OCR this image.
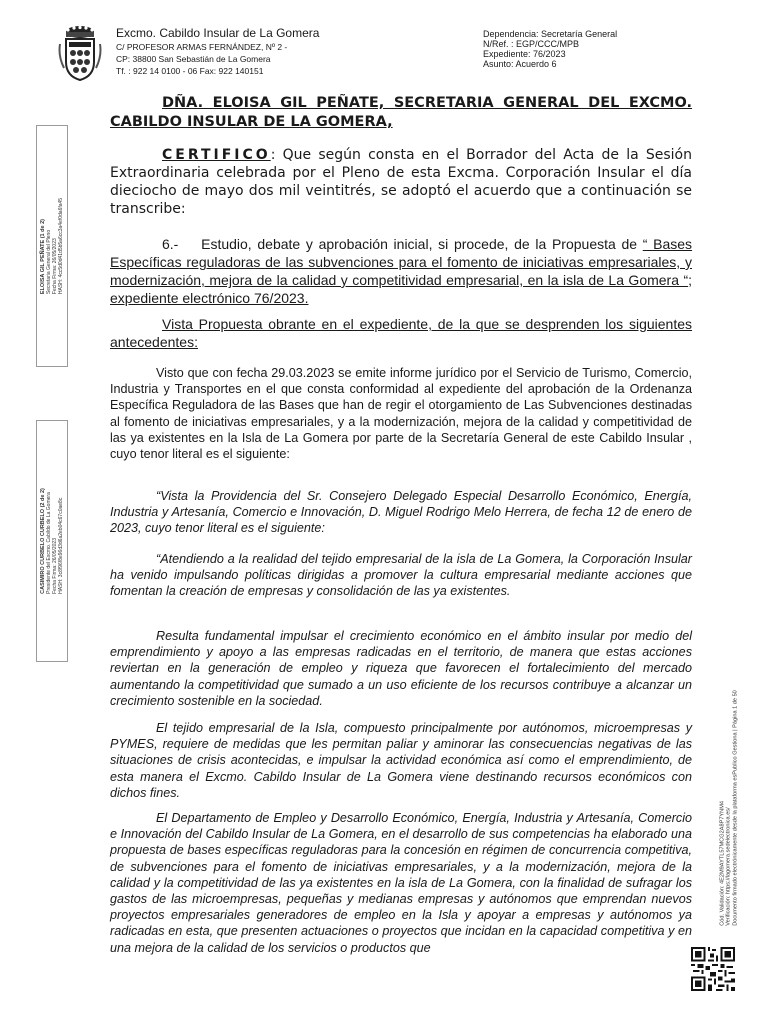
Excmo. Cabildo Insular de La Gomera
C/ PROFESOR ARMAS FERNÁNDEZ, Nº 2 -
CP: 38800 San Sebastián de La Gomera
Tf. : 922 14 0100 - 06 Fax: 922 140151
Dependencia: Secretaría General
N/Ref. : EGP/CCC/MPB
Expediente: 76/2023
Asunto: Acuerdo 6
DÑA. ELOISA GIL PEÑATE, SECRETARIA GENERAL DEL EXCMO.
CABILDO INSULAR DE LA GOMERA,
CERTIFICO: Que según consta en el Borrador del Acta de la Sesión Extraordinaria celebrada por el Pleno de esta Excma. Corporación Insular el día dieciocho de mayo dos mil veintitrés, se adoptó el acuerdo que a continuación se transcribe:
6.- Estudio, debate y aprobación inicial, si procede, de la Propuesta de “ Bases Específicas reguladoras de las subvenciones para el fomento de iniciativas empresariales, y modernización, mejora de la calidad y competitividad empresarial, en la isla de La Gomera “; expediente electrónico 76/2023.
Vista Propuesta obrante en el expediente, de la que se desprenden los siguientes antecedentes:
Visto que con fecha 29.03.2023 se emite informe jurídico por el Servicio de Turismo, Comercio, Industria y Transportes en el que consta conformidad al expediente del aprobación de la Ordenanza Específica Reguladora de las Bases que han de regir el otorgamiento de Las Subvenciones destinadas al fomento de iniciativas empresariales, y a la modernización, mejora de la calidad y competitividad de las ya existentes en la Isla de La Gomera por parte de la Secretaría General de este Cabildo Insular , cuyo tenor literal es el siguiente:
“Vista la Providencia del Sr. Consejero Delegado Especial Desarrollo Económico, Energía, Industria y Artesanía, Comercio e Innovación, D. Miguel Rodrigo Melo Herrera, de fecha 12 de enero de 2023, cuyo tenor literal es el siguiente:
“Atendiendo a la realidad del tejido empresarial de la isla de La Gomera, la Corporación Insular ha venido impulsando políticas dirigidas a promover la cultura empresarial mediante acciones que fomentan la creación de empresas y consolidación de las ya existentes.
Resulta fundamental impulsar el crecimiento económico en el ámbito insular por medio del emprendimiento y apoyo a las empresas radicadas en el territorio, de manera que estas acciones reviertan en la generación de empleo y riqueza que favorecen el fortalecimiento del mercado aumentando la competitividad que sumado a un uso eficiente de los recursos contribuye a alcanzar un crecimiento sostenible en la sociedad.
El tejido empresarial de la Isla, compuesto principalmente por autónomos, microempresas y PYMES, requiere de medidas que les permitan paliar y aminorar las consecuencias negativas de las situaciones de crisis acontecidas, e impulsar la actividad económica así como el emprendimiento, de esta manera el Excmo. Cabildo Insular de La Gomera viene destinando recursos económicos con dichos fines.
El Departamento de Empleo y Desarrollo Económico, Energía, Industria y Artesanía, Comercio e Innovación del Cabildo Insular de La Gomera, en el desarrollo de sus competencias ha elaborado una propuesta de bases específicas reguladoras para la concesión en régimen de concurrencia competitiva, de subvenciones para el fomento de iniciativas empresariales, y a la modernización, mejora de la calidad y la competitividad de las ya existentes en la isla de La Gomera, con la finalidad de sufragar los gastos de las microempresas, pequeñas y medianas empresas y autónomos que emprendan nuevos proyectos empresariales generadores de empleo en la Isla y apoyar a empresas y autónomos ya radicadas en esta, que presenten actuaciones o proyectos que incidan en la capacidad competitiva y en una mejora de la calidad de los servicios o productos que
ELOISA GIL PEÑATE (1 de 2) Secretaria General del Pleno Fecha Firma: 26/05/2023 HASH: 4cc5d0d41d5b5a6cc3a4ef0da6fa45
CASIMIRO CURBELO CURBELO (2 de 2) Presidente del Excmo. Cabildo de La Gomera Fecha Firma: 26/05/2023 HASH: 3c8f96f8e96d3d6a2eb04c67c0ae8c
Cód. Validación: 4E2M9AYTL57MCG2A8P7YNM4 Verificación: https://lagomera.sedelectronica.es/ Documento firmado electrónicamente desde la plataforma esPublico Gestiona | Página 1 de 50
